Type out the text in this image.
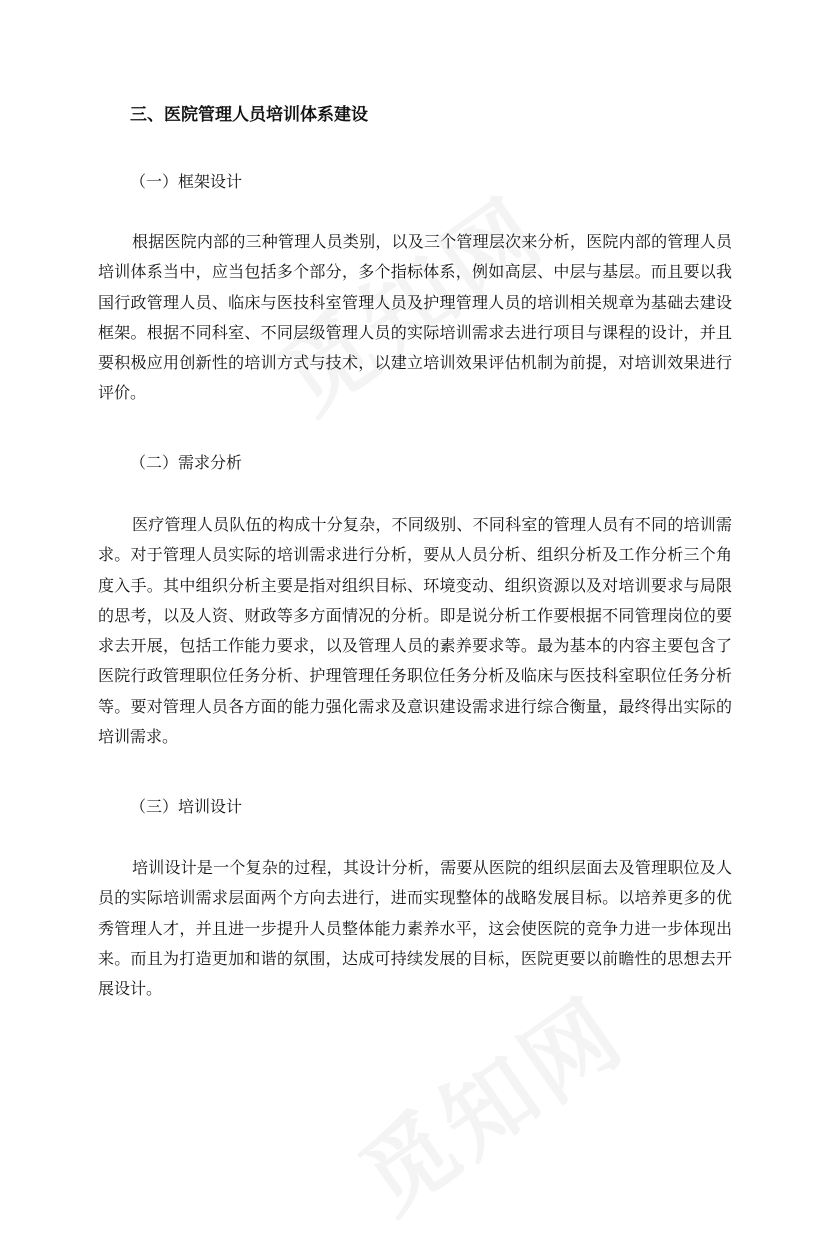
三、医院管理人员培训体系建设
（一）框架设计

根据医院内部的三种管理人员类别，以及三个管理层次来分析，医院内部的管理人员培训体系当中，应当包括多个部分，多个指标体系，例如高层、中层与基层。而且要以我国行政管理人员、临床与医技科室管理人员及护理管理人员的培训相关规章为基础去建设框架。根据不同科室、不同层级管理人员的实际培训需求去进行项目与课程的设计，并且要积极应用创新性的培训方式与技术，以建立培训效果评估机制为前提，对培训效果进行评价。

（二）需求分析

医疗管理人员队伍的构成十分复杂，不同级别、不同科室的管理人员有不同的培训需求。对于管理人员实际的培训需求进行分析，要从人员分析、组织分析及工作分析三个角度入手。其中组织分析主要是指对组织目标、环境变动、组织资源以及对培训要求与局限的思考，以及人资、财政等多方面情况的分析。即是说分析工作要根据不同管理岗位的要求去开展，包括工作能力要求，以及管理人员的素养要求等。最为基本的内容主要包含了医院行政管理职位任务分析、护理管理任务职位任务分析及临床与医技科室职位任务分析等。要对管理人员各方面的能力强化需求及意识建设需求进行综合衡量，最终得出实际的培训需求。

（三）培训设计

培训设计是一个复杂的过程，其设计分析，需要从医院的组织层面去及管理职位及人员的实际培训需求层面两个方向去进行，进而实现整体的战略发展目标。以培养更多的优秀管理人才，并且进一步提升人员整体能力素养水平，这会使医院的竞争力进一步体现出来。而且为打造更加和谐的氛围，达成可持续发展的目标，医院更要以前瞻性的思想去开展设计。
